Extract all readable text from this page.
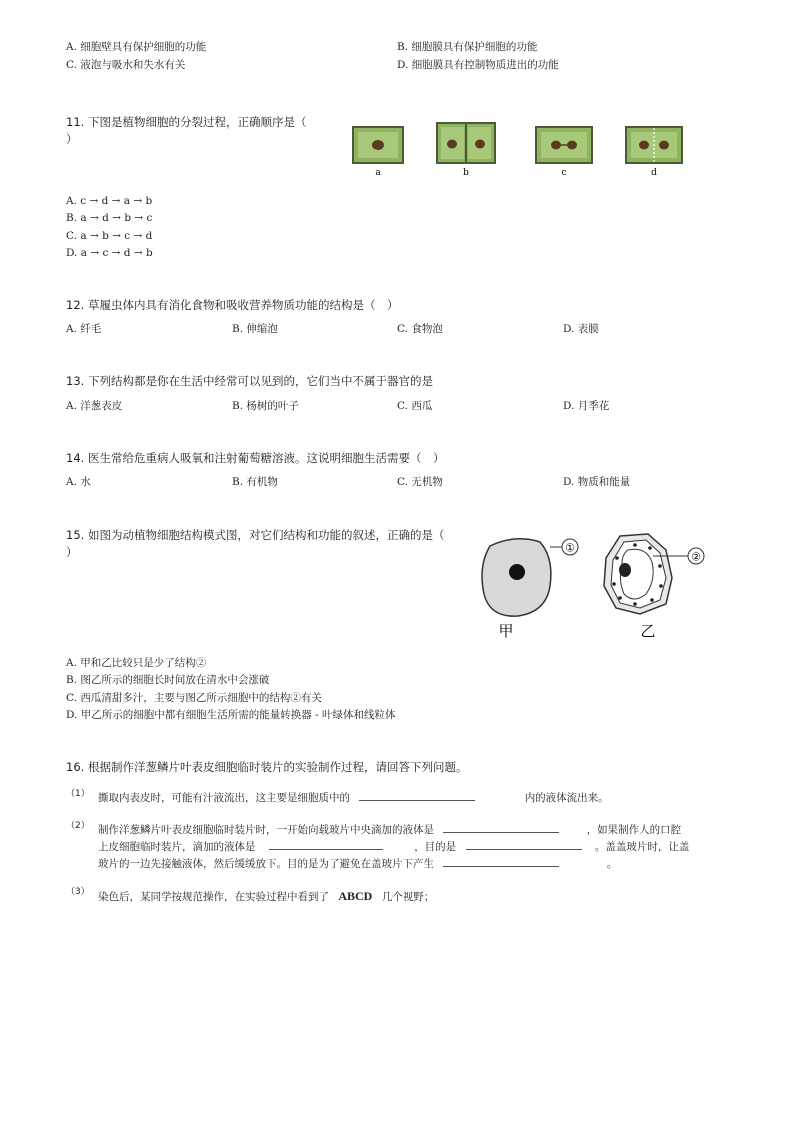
A. 细胞壁具有保护细胞的功能	B. 细胞膜具有保护细胞的功能
C. 液泡与吸水和失水有关	D. 细胞膜具有控制物质进出的功能
11. 下图是植物细胞的分裂过程，正确顺序是（
）
a	b	c	d
A. c → d → a → b
B. a → d → b → c
C. a → b → c → d
D. a → c → d → b
12. 草履虫体内具有消化食物和吸收营养物质功能的结构是（　）
A. 纤毛	B. 伸缩泡	C. 食物泡	D. 表膜
13. 下列结构都是你在生活中经常可以见到的，它们当中不属于器官的是
A. 洋葱表皮	B. 杨树的叶子	C. 西瓜	D. 月季花
14. 医生常给危重病人吸氧和注射葡萄糖溶液。这说明细胞生活需要（　）
A. 水	B. 有机物	C. 无机物	D. 物质和能量
15. 如图为动植物细胞结构模式图，对它们结构和功能的叙述，正确的是（
）	①
②
甲	乙
A. 甲和乙比较只是少了结构②
B. 图乙所示的细胞长时间放在清水中会涨破
C. 西瓜清甜多汁，主要与图乙所示细胞中的结构②有关
D. 甲乙所示的细胞中都有细胞生活所需的能量转换器 - 叶绿体和线粒体
16. 根据制作洋葱鳞片叶表皮细胞临时装片的实验制作过程，请回答下列问题。
（1） 撕取内表皮时，可能有汁液流出，这主要是细胞质中的	内的液体流出来。
（2） 制作洋葱鳞片叶表皮细胞临时装片时，一开始向载玻片中央滴加的液体是	，如果制作人的口腔
上皮细胞临时装片，滴加的液体是	，目的是	。盖盖玻片时，让盖
玻片的一边先接触液体，然后缓缓放下。目的是为了避免在盖玻片下产生	。
（3） 染色后，某同学按规范操作，在实验过程中看到了 ABCD 几个视野；
